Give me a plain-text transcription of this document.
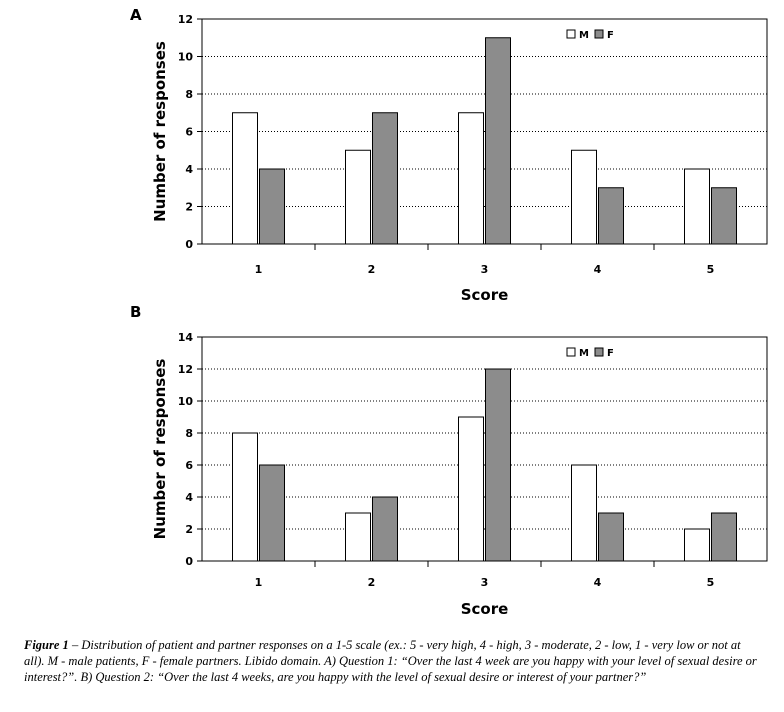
A
0
2
4
6
8
10
12
1	2	3	4	5
Score
Number of responses
M F
B
0
2
4
6
8
10
12
14
1	2	3	4	5
Score
Number of responses
M F

Figure 1 – Distribution of patient and partner responses on a 1-5 scale (ex.: 5 - very high, 4 - high, 3 - moderate, 2 - low, 1 - very low or not at all). M - male patients, F - female partners. Libido domain. A) Question 1: “Over the last 4 week are you happy with your level of sexual desire or interest?”. B) Question 2: “Over the last 4 weeks, are you happy with the level of sexual desire or interest of your partner?”
